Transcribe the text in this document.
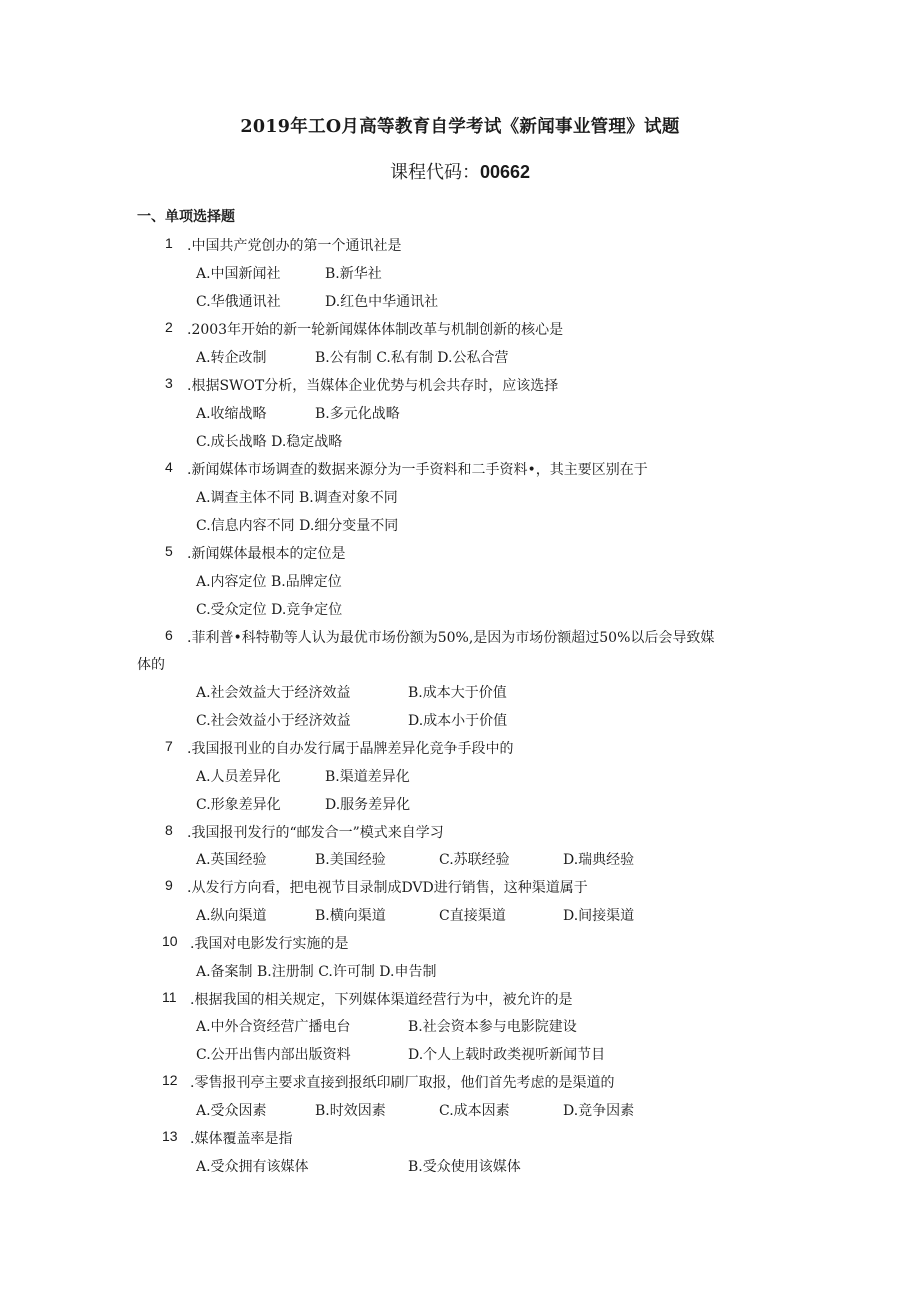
2019年工O月高等教育自学考试《新闻事业管理》试题
课程代码：00662
一、单项选择题
1 .中国共产党创办的第一个通讯社是
A.中国新闻社	B.新华社
C.华俄通讯社	D.红色中华通讯社
2 .2003年开始的新一轮新闻媒体体制改革与机制创新的核心是
A.转企改制	B.公有制 C.私有制 D.公私合营
3 .根据SWOT分析，当媒体企业优势与机会共存时，应该选择
A.收缩战略	B.多元化战略
C.成长战略 D.稳定战略
4 .新闻媒体市场调查的数据来源分为一手资料和二手资料•，其主要区别在于
A.调查主体不同 B.调查对象不同
C.信息内容不同 D.细分变量不同
5 .新闻媒体最根本的定位是
A.内容定位 B.品牌定位
C.受众定位 D.竞争定位
6 .菲利普•科特勒等人认为最优市场份额为50%,是因为市场份额超过50%以后会导致媒
体的
A.社会效益大于经济效益	B.成本大于价值
C.社会效益小于经济效益	D.成本小于价值
7 .我国报刊业的自办发行属于晶牌差异化竞争手段中的
A.人员差异化	B.渠道差异化
C.形象差异化	D.服务差异化
8 .我国报刊发行的“邮发合一”模式来自学习
A.英国经验	B.美国经验	C.苏联经验	D.瑞典经验
9 .从发行方向看，把电视节目录制成DVD进行销售，这种渠道属于
A.纵向渠道	B.横向渠道	C直接渠道	D.间接渠道
10 .我国对电影发行实施的是
A.备案制 B.注册制 C.许可制 D.申告制
11 .根据我国的相关规定，下列媒体渠道经营行为中，被允许的是
A.中外合资经营广播电台	B.社会资本参与电影院建设
C.公开出售内部出版资料	D.个人上载时政类视听新闻节目
12 .零售报刊亭主要求直接到报纸印刷厂取报，他们首先考虑的是渠道的
A.受众因素	B.时效因素	C.成本因素	D.竞争因素
13 .媒体覆盖率是指
A.受众拥有该媒体	B.受众使用该媒体
